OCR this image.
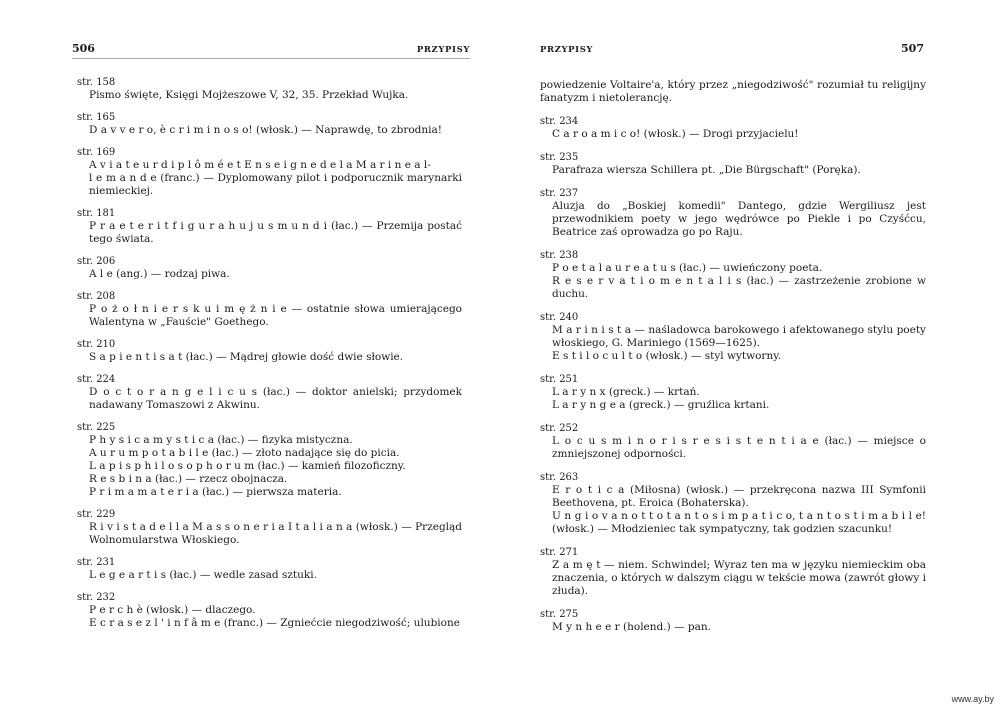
506	PRZYPISY
str. 158
Pismo święte, Księgi Mojżeszowe V, 32, 35. Przekład Wujka.
str. 165
D a v v e r o, è c r i m i n o s o! (włosk.) — Naprawdę, to zbrodnia!
str. 169
A v i a t e u r d i p l ô m é e t E n s e i g n e d e l a M a r i n e a l-
l e m a n d e (franc.) — Dyplomowany pilot i podporucznik marynarki niemieckiej.
str. 181
P r a e t e r i t f i g u r a h u j u s m u n d i (łac.) — Przemija postać tego świata.
str. 206
A l e (ang.) — rodzaj piwa.
str. 208
P o ż o ł n i e r s k u i m ę ż n i e — ostatnie słowa umierającego Walentyna w „Fauście" Goethego.
str. 210
S a p i e n t i s a t (łac.) — Mądrej głowie dość dwie słowie.
str. 224
D o c t o r a n g e l i c u s (łac.) — doktor anielski; przydomek nadawany Tomaszowi z Akwinu.
str. 225
P h y s i c a m y s t i c a (łac.) — fizyka mistyczna.
A u r u m p o t a b i l e (łac.) — złoto nadające się do picia.
L a p i s p h i l o s o p h o r u m (łac.) — kamień filozoficzny.
R e s b i n a (łac.) — rzecz obojnacza.
P r i m a m a t e r i a (łac.) — pierwsza materia.
str. 229
R i v i s t a d e l l a M a s s o n e r i a I t a l i a n a (włosk.) — Przegląd Wolnomularstwa Włoskiego.
str. 231
L e g e a r t i s (łac.) — wedle zasad sztuki.
str. 232
P e r c h è (włosk.) — dlaczego.
E c r a s e z l ' i n f â m e (franc.) — Zgniećcie niegodziwość; ulubione
PRZYPISY	507
powiedzenie Voltaire'a, który przez „niegodziwość" rozumiał tu religijny fanatyzm i nietolerancję.
str. 234
C a r o a m i c o! (włosk.) — Drogi przyjacielu!
str. 235
Parafraza wiersza Schillera pt. „Die Bürgschaft" (Poręka).
str. 237
Aluzja do „Boskiej komedii" Dantego, gdzie Wergiliusz jest przewodnikiem poety w jego wędrówce po Piekle i po Czyśćcu, Beatrice zaś oprowadza go po Raju.
str. 238
P o e t a l a u r e a t u s (łac.) — uwieńczony poeta.
R e s e r v a t i o m e n t a l i s (łac.) — zastrzeżenie zrobione w duchu.
str. 240
M a r i n i s t a — naśladowca barokowego i afektowanego stylu poety włoskiego, G. Mariniego (1569—1625).
E s t i l o c u l t o (włosk.) — styl wytworny.
str. 251
L a r y n x (greck.) — krtań.
L a r y n g e a (greck.) — gruźlica krtani.
str. 252
L o c u s m i n o r i s r e s i s t e n t i a e (łac.) — miejsce o zmniejszonej odporności.
str. 263
E r o t i c a (Miłosna) (włosk.) — przekręcona nazwa III Symfonii Beethovena, pt. Eroica (Bohaterska).
U n g i o v a n o t t o t a n t o s i m p a t i c o, t a n t o s t i m a b i l e! (włosk.) — Młodzieniec tak sympatyczny, tak godzien szacunku!
str. 271
Z a m ę t — niem. Schwindel; Wyraz ten ma w języku niemieckim oba znaczenia, o których w dalszym ciągu w tekście mowa (zawrót głowy i złuda).
str. 275
M y n h e e r (holend.) — pan.
www.ay.by
